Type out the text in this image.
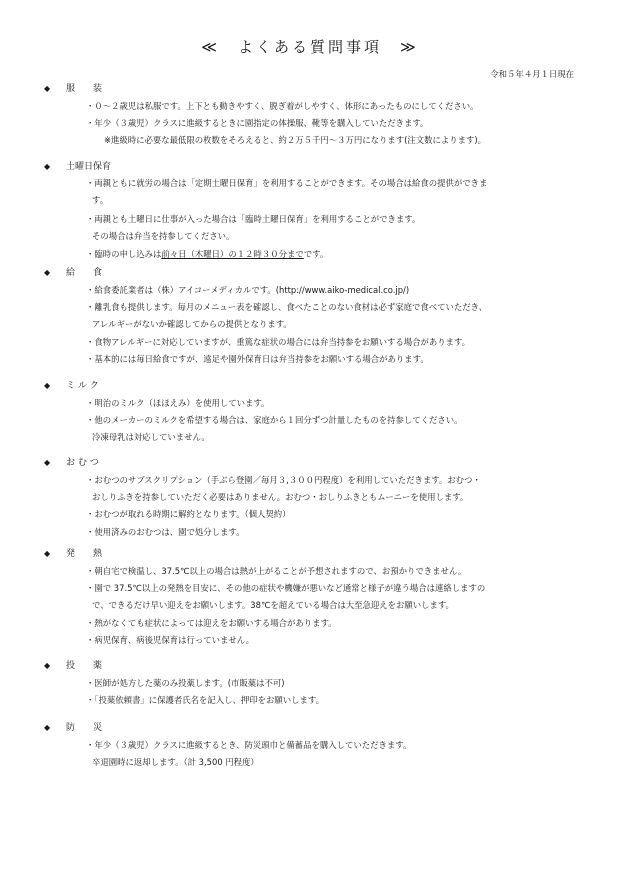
≪　よくある質問事項　≫
令和５年４月１日現在
◆ 服　　装
・０～２歳児は私服です。上下とも動きやすく、脱ぎ着がしやすく、体形にあったものにしてください。
・年少（３歳児）クラスに進級するときに園指定の体操服、靴等を購入していただきます。
※進級時に必要な最低限の枚数をそろえると、約２万５千円～３万円になります(注文数によります)。
◆ 土曜日保育
・両親ともに就労の場合は「定期土曜日保育」を利用することができます。その場合は給食の提供ができま
す。
・両親とも土曜日に仕事が入った場合は「臨時土曜日保育」を利用することができます。
その場合は弁当を持参してください。
・臨時の申し込みは前々日（木曜日）の１２時３０分までです。
◆ 給　　食
・給食委託業者は（株）アイコーメディカルです。(http://www.aiko-medical.co.jp/)
・離乳食も提供します。毎月のメニュー表を確認し、食べたことのない食材は必ず家庭で食べていただき、
アレルギーがないか確認してからの提供となります。
・食物アレルギーに対応していますが、重篤な症状の場合には弁当持参をお願いする場合があります。
・基本的には毎日給食ですが、遠足や園外保育日は弁当持参をお願いする場合があります。
◆ ミ ル ク
・明治のミルク（ほほえみ）を使用しています。
・他のメーカーのミルクを希望する場合は、家庭から１回分ずつ計量したものを持参してください。
冷凍母乳は対応していません。
◆ お む つ
・おむつのサブスクリプション（手ぶら登園／毎月３,３００円程度）を利用していただきます。おむつ・
おしりふきを持参していただく必要はありません。おむつ・おしりふきともムーニーを使用します。
・おむつが取れる時期に解約となります。（個人契約）
・使用済みのおむつは、園で処分します。
◆ 発　　熱
・朝自宅で検温し、37.5℃以上の場合は熱が上がることが予想されますので、お預かりできません。
・園で 37.5℃以上の発熱を目安に、その他の症状や機嫌が悪いなど通常と様子が違う場合は連絡しますの
で、できるだけ早い迎えをお願いします。38℃を超えている場合は大至急迎えをお願いします。
・熱がなくても症状によっては迎えをお願いする場合があります。
・病児保育、病後児保育は行っていません。
◆ 投　　薬
・医師が処方した薬のみ投薬します。(市販薬は不可)
・「投薬依頼書」に保護者氏名を記入し、押印をお願いします。
◆ 防　　災
・年少（３歳児）クラスに進級するとき、防災頭巾と備蓄品を購入していただきます。
卒退園時に返却します。（計 3,500 円程度）
